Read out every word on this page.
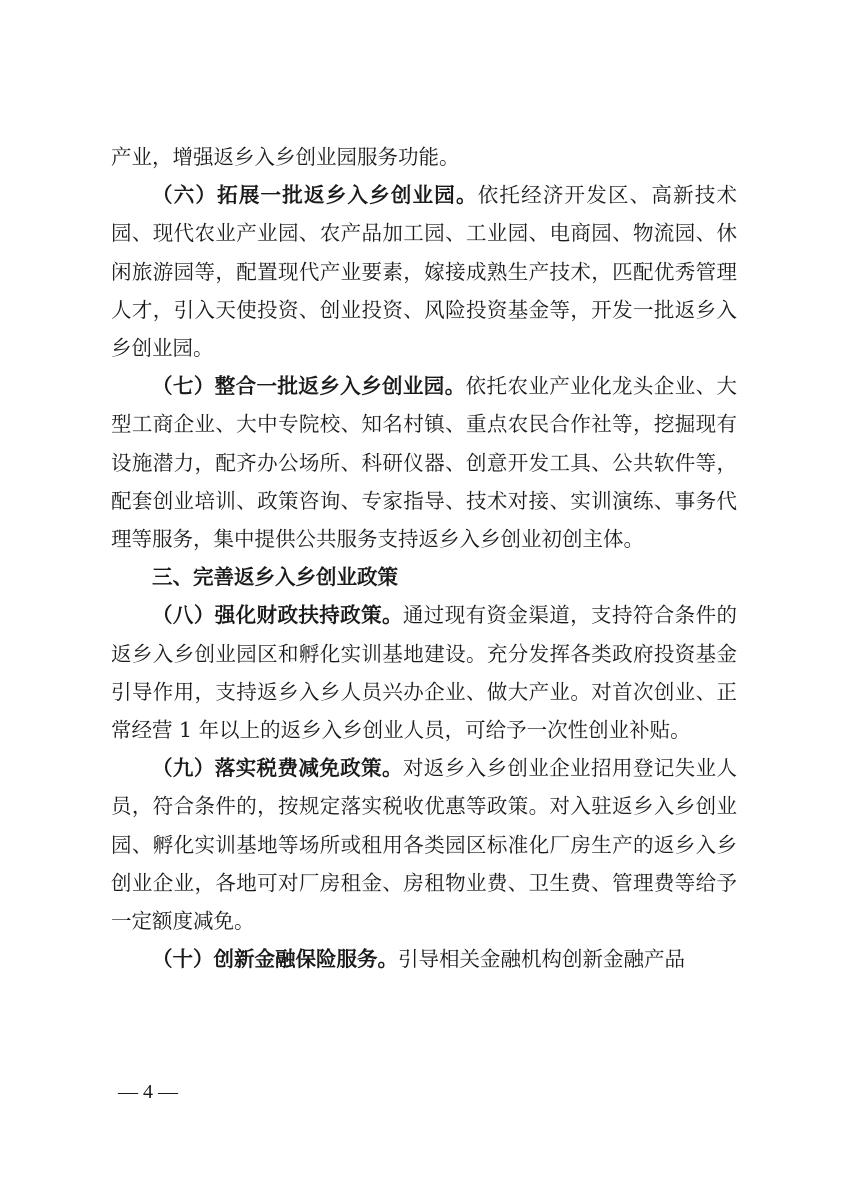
产业，增强返乡入乡创业园服务功能。

（六）拓展一批返乡入乡创业园。依托经济开发区、高新技术园、现代农业产业园、农产品加工园、工业园、电商园、物流园、休闲旅游园等，配置现代产业要素，嫁接成熟生产技术，匹配优秀管理人才，引入天使投资、创业投资、风险投资基金等，开发一批返乡入乡创业园。

（七）整合一批返乡入乡创业园。依托农业产业化龙头企业、大型工商企业、大中专院校、知名村镇、重点农民合作社等，挖掘现有设施潜力，配齐办公场所、科研仪器、创意开发工具、公共软件等，配套创业培训、政策咨询、专家指导、技术对接、实训演练、事务代理等服务，集中提供公共服务支持返乡入乡创业初创主体。

三、完善返乡入乡创业政策

（八）强化财政扶持政策。通过现有资金渠道，支持符合条件的返乡入乡创业园区和孵化实训基地建设。充分发挥各类政府投资基金引导作用，支持返乡入乡人员兴办企业、做大产业。对首次创业、正常经营 1 年以上的返乡入乡创业人员，可给予一次性创业补贴。

（九）落实税费减免政策。对返乡入乡创业企业招用登记失业人员，符合条件的，按规定落实税收优惠等政策。对入驻返乡入乡创业园、孵化实训基地等场所或租用各类园区标准化厂房生产的返乡入乡创业企业，各地可对厂房租金、房租物业费、卫生费、管理费等给予一定额度减免。

（十）创新金融保险服务。引导相关金融机构创新金融产品

— 4 —
